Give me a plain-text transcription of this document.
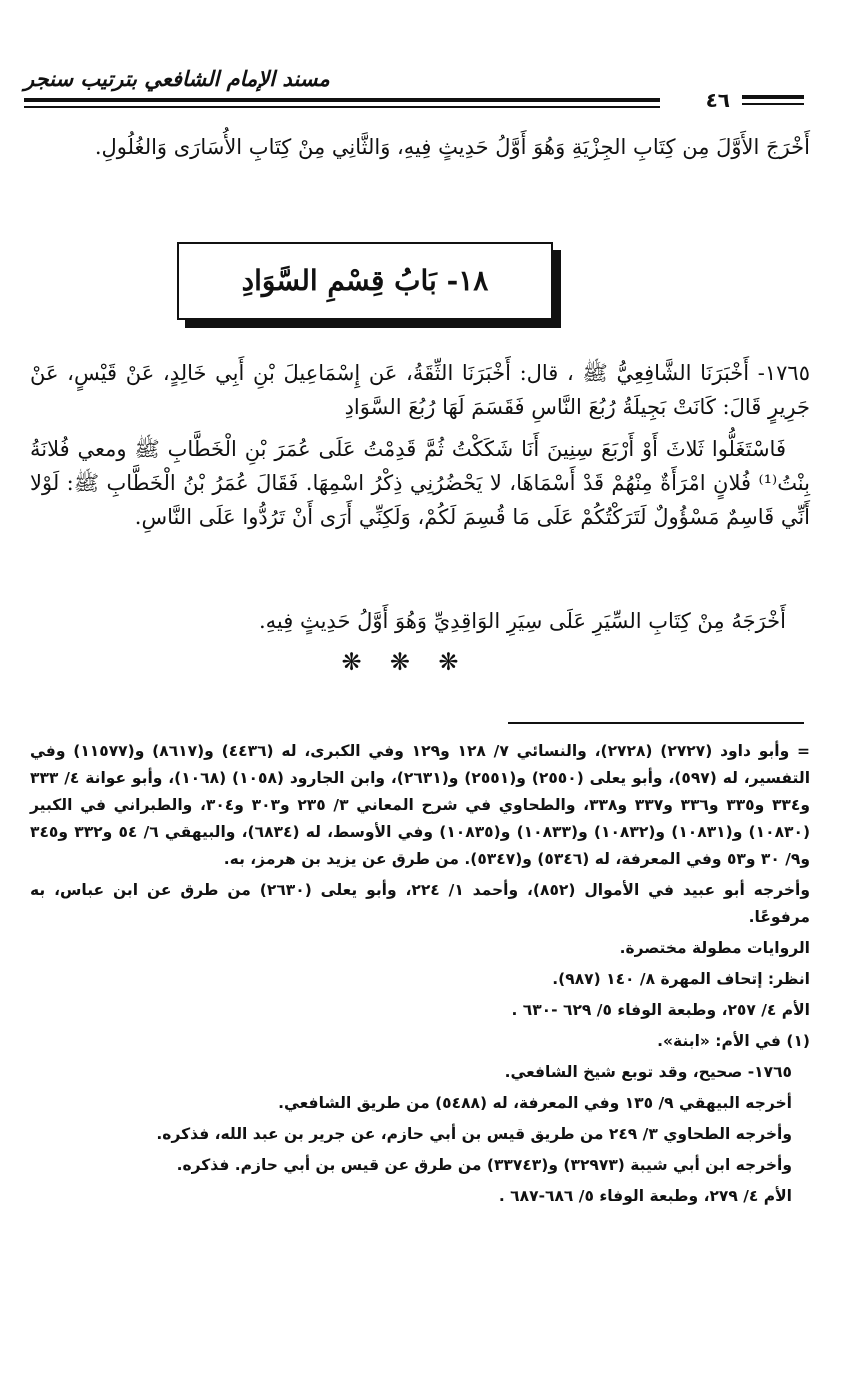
مسند الإمام الشافعي بترتيب سنجر
٤٦
أَخْرَجَ الأَوَّلَ مِن كِتَابِ الجِزْيَةِ وَهُوَ أَوَّلُ حَدِيثٍ فِيهِ، وَالثَّانِي مِنْ كِتَابِ الأُسَارَى وَالغُلُولِ.
١٨- بَابُ قِسْمِ السَّوَادِ
١٧٦٥- أَخْبَرَنَا الشَّافِعِيُّ ﷺ ، قال: أَخْبَرَنَا الثِّقَةُ، عَن إِسْمَاعِيلَ بْنِ أَبِي خَالِدٍ، عَنْ قَيْسٍ، عَنْ جَرِيرٍ قَالَ: كَانَتْ بَجِيلَةُ رُبُعَ النَّاسِ فَقَسَمَ لَهَا رُبُعَ السَّوَادِ
فَاسْتَغَلُّوا ثَلاثَ أَوْ أَرْبَعَ سِنِينَ أَنَا شَكَكْتُ ثُمَّ قَدِمْتُ عَلَى عُمَرَ بْنِ الْخَطَّابِ ﷺ ومعي فُلانَةُ بِنْتُ⁽¹⁾ فُلانٍ امْرَأَةٌ مِنْهُمْ قَدْ أَسْمَاهَا، لا يَحْضُرُنِي ذِكْرُ اسْمِهَا. فَقَالَ عُمَرُ بْنُ الْخَطَّابِ ﷺ: لَوْلا أَنِّي قَاسِمٌ مَسْؤُولٌ لَتَرَكْتُكُمْ عَلَى مَا قُسِمَ لَكُمْ، وَلَكِنِّي أَرَى أَنْ تَرُدُّوا عَلَى النَّاسِ.
أَخْرَجَهُ مِنْ كِتَابِ السِّيَرِ عَلَى سِيَرِ الوَاقِدِيِّ وَهُوَ أَوَّلُ حَدِيثٍ فِيهِ.
❋ ❋ ❋

= وأبو داود (٢٧٢٧) (٢٧٢٨)، والنسائي ٧/ ١٢٨ و١٢٩ وفي الكبرى، له (٤٤٣٦) و(٨٦١٧) و(١١٥٧٧) وفي التفسير، له (٥٩٧)، وأبو يعلى (٢٥٥٠) و(٢٥٥١) و(٢٦٣١)، وابن الجارود (١٠٥٨) (١٠٦٨)، وأبو عوانة ٤/ ٣٣٣ و٣٣٤ و٣٣٥ و٣٣٦ و٣٣٧ و٣٣٨، والطحاوي في شرح المعاني ٣/ ٢٣٥ و٣٠٣ و٣٠٤، والطبراني في الكبير (١٠٨٣٠) و(١٠٨٣١) و(١٠٨٣٢) و(١٠٨٣٣) و(١٠٨٣٥) وفي الأوسط، له (٦٨٣٤)، والبيهقي ٦/ ٥٤ و٣٣٢ و٣٤٥ و٩/ ٣٠ و٥٣ وفي المعرفة، له (٥٣٤٦) و(٥٣٤٧). من طرق عن يزيد بن هرمز، به.

وأخرجه أبو عبيد في الأموال (٨٥٢)، وأحمد ١/ ٢٢٤، وأبو يعلى (٢٦٣٠) من طرق عن ابن عباس، به مرفوعًا.

الروايات مطولة مختصرة.

انظر: إتحاف المهرة ٨/ ١٤٠ (٩٨٧).

الأم ٤/ ٢٥٧، وطبعة الوفاء ٥/ ٦٢٩ -٦٣٠ .

(١) في الأم: «ابنة».

١٧٦٥- صحيح، وقد توبع شيخ الشافعي.

أخرجه البيهقي ٩/ ١٣٥ وفي المعرفة، له (٥٤٨٨) من طريق الشافعي.

وأخرجه الطحاوي ٣/ ٢٤٩ من طريق قيس بن أبي حازم، عن جرير بن عبد الله، فذكره.

وأخرجه ابن أبي شيبة (٣٢٩٧٣) و(٣٣٧٤٣) من طرق عن قيس بن أبي حازم. فذكره.

الأم ٤/ ٢٧٩، وطبعة الوفاء ٥/ ٦٨٦-٦٨٧ .
